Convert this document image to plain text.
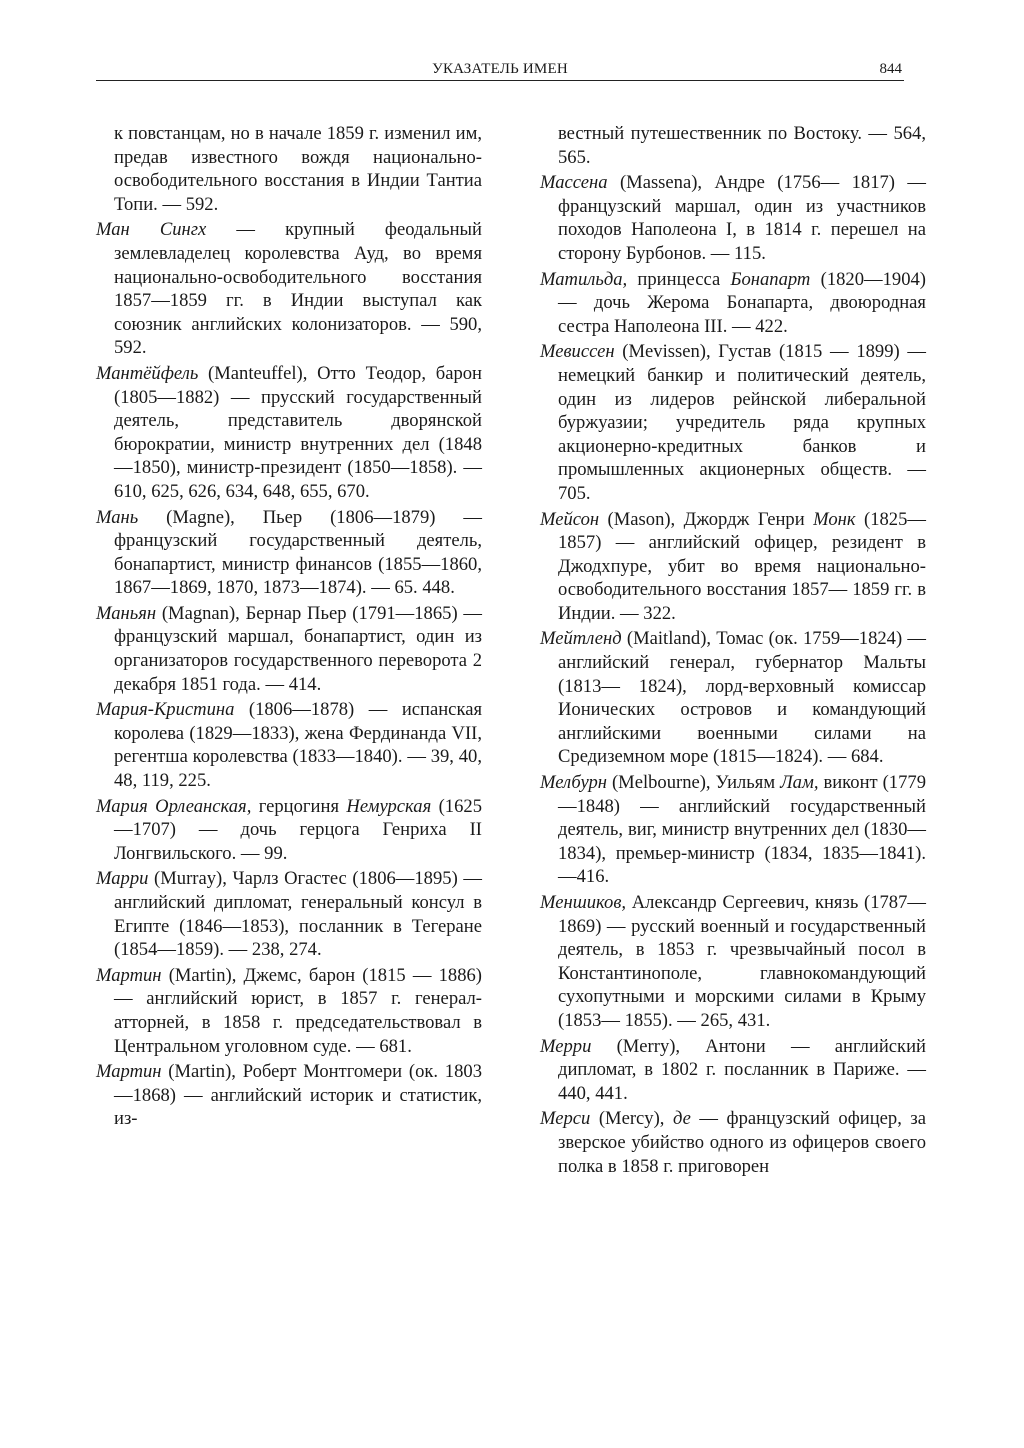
УКАЗАТЕЛЬ ИМЕН	844

к повстанцам, но в начале 1859 г. изменил им, предав известного вождя национально-освободительного восстания в Индии Тантиа Топи. — 592.

Ман Сингх — крупный феодальный землевладелец королевства Ауд, во время национально-освободительного восстания 1857—1859 гг. в Индии выступал как союзник английских колонизаторов. — 590, 592.

Мантёйфель (Manteuffel), Отто Теодор, барон (1805—1882) — прусский государственный деятель, представитель дворянской бюрократии, министр внутренних дел (1848—1850), министр-президент (1850—1858). — 610, 625, 626, 634, 648, 655, 670.

Мань (Magne), Пьер (1806—1879) — французский государственный деятель, бонапартист, министр финансов (1855—1860, 1867—1869, 1870, 1873—1874). — 65. 448.

Маньян (Magnan), Бернар Пьер (1791—1865) — французский маршал, бонапартист, один из организаторов государственного переворота 2 декабря 1851 года. — 414.

Мария-Кристина (1806—1878) — испанская королева (1829—1833), жена Фердинанда VII, регентша королевства (1833—1840). — 39, 40, 48, 119, 225.

Мария Орлеанская, герцогиня Немурская (1625—1707) — дочь герцога Генриха II Лонгвильского. — 99.

Марри (Murray), Чарлз Огастес (1806—1895) — английский дипломат, генеральный консул в Египте (1846—1853), посланник в Тегеране (1854—1859). — 238, 274.

Мартин (Martin), Джемс, барон (1815 — 1886) — английский юрист, в 1857 г. генерал-атторней, в 1858 г. председательствовал в Центральном уголовном суде. — 681.

Мартин (Martin), Роберт Монтгомери (ок. 1803—1868) — английский историк и статистик, из-

вестный путешественник по Востоку. — 564, 565.

Массена (Massena), Андре (1756— 1817) — французский маршал, один из участников походов Наполеона I, в 1814 г. перешел на сторону Бурбонов. — 115.

Матильда, принцесса Бонапарт (1820—1904) — дочь Жерома Бонапарта, двоюродная сестра Наполеона III. — 422.

Мевиссен (Mevissen), Густав (1815 — 1899) — немецкий банкир и политический деятель, один из лидеров рейнской либеральной буржуазии; учредитель ряда крупных акционерно-кредитных банков и промышленных акционерных обществ. — 705.

Мейсон (Mason), Джордж Генри Монк (1825—1857) — английский офицер, резидент в Джодхпуре, убит во время национально-освободительного восстания 1857— 1859 гг. в Индии. — 322.

Мейтленд (Maitland), Томас (ок. 1759—1824) — английский генерал, губернатор Мальты (1813— 1824), лорд-верховный комиссар Ионических островов и командующий английскими военными силами на Средиземном море (1815—1824). — 684.

Мелбурн (Melbourne), Уильям Лам, виконт (1779—1848) — английский государственный деятель, виг, министр внутренних дел (1830—1834), премьер-министр (1834, 1835—1841). —416.

Меншиков, Александр Сергеевич, князь (1787—1869) — русский военный и государственный деятель, в 1853 г. чрезвычайный посол в Константинополе, главнокомандующий сухопутными и морскими силами в Крыму (1853— 1855). — 265, 431.

Мерри (Merry), Антони — английский дипломат, в 1802 г. посланник в Париже. — 440, 441.

Мерси (Mercy), де — французский офицер, за зверское убийство одного из офицеров своего полка в 1858 г. приговорен
